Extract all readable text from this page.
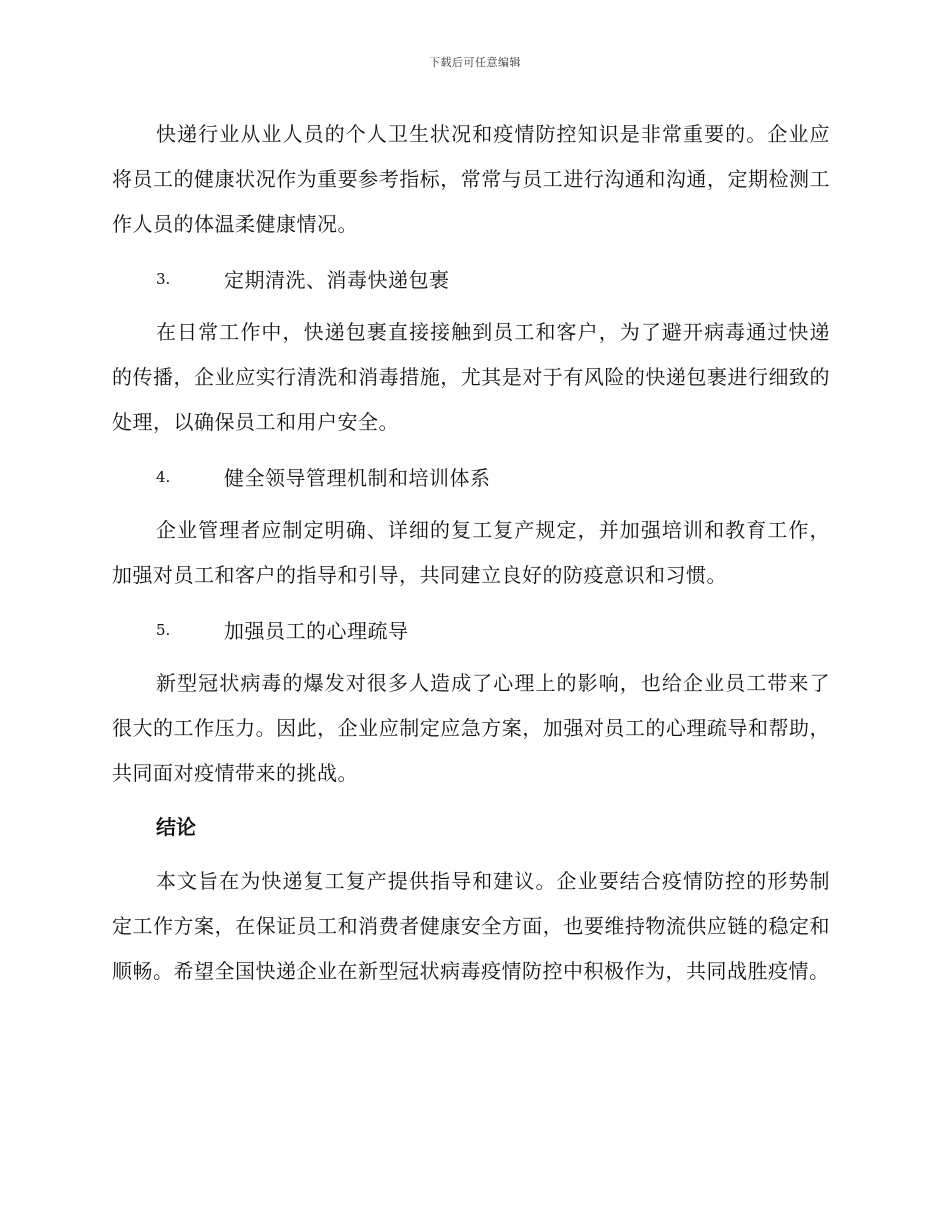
下载后可任意编辑

快递行业从业人员的个人卫生状况和疫情防控知识是非常重要的。企业应将员工的健康状况作为重要参考指标，常常与员工进行沟通和沟通，定期检测工作人员的体温柔健康情况。

3.	定期清洗、消毒快递包裹

在日常工作中，快递包裹直接接触到员工和客户，为了避开病毒通过快递的传播，企业应实行清洗和消毒措施，尤其是对于有风险的快递包裹进行细致的处理，以确保员工和用户安全。

4.	健全领导管理机制和培训体系

企业管理者应制定明确、详细的复工复产规定，并加强培训和教育工作，加强对员工和客户的指导和引导，共同建立良好的防疫意识和习惯。

5.	加强员工的心理疏导

新型冠状病毒的爆发对很多人造成了心理上的影响，也给企业员工带来了很大的工作压力。因此，企业应制定应急方案，加强对员工的心理疏导和帮助，共同面对疫情带来的挑战。

结论

本文旨在为快递复工复产提供指导和建议。企业要结合疫情防控的形势制定工作方案，在保证员工和消费者健康安全方面，也要维持物流供应链的稳定和顺畅。希望全国快递企业在新型冠状病毒疫情防控中积极作为，共同战胜疫情。
